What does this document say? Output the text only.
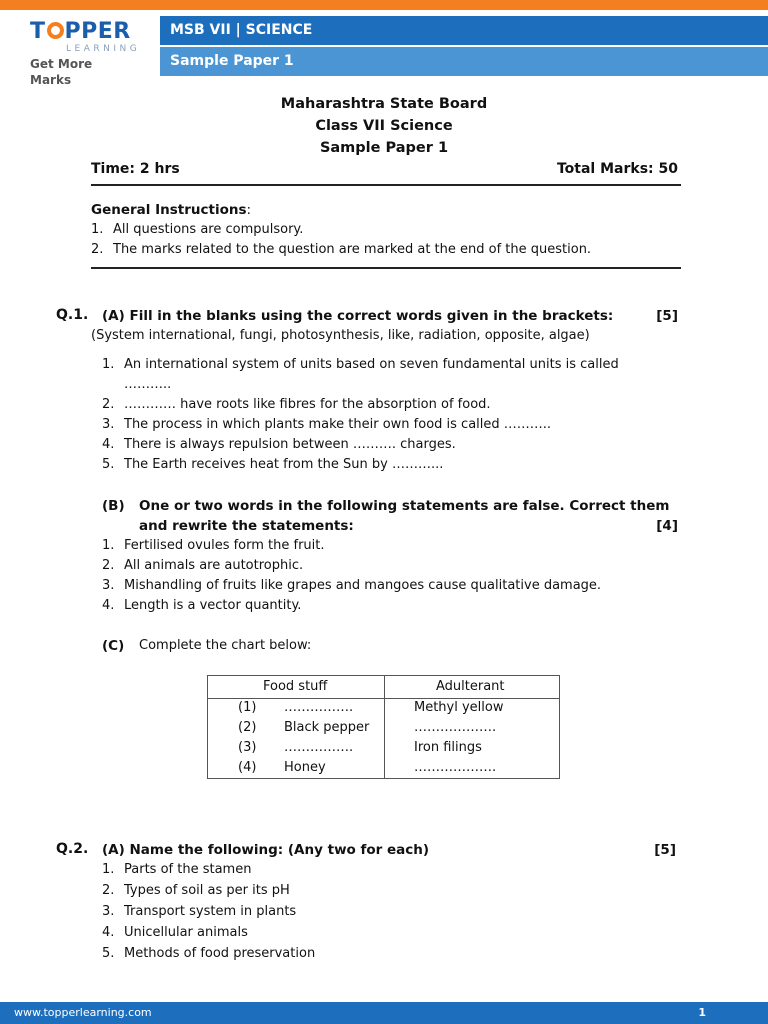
T PPER
LEARNING
Get More Marks
MSB VII | SCIENCE
Sample Paper 1
Maharashtra State Board
Class VII Science
Sample Paper 1
Time: 2 hrs	Total Marks: 50
General Instructions:
1. All questions are compulsory.
2. The marks related to the question are marked at the end of the question.
Q.1. (A) Fill in the blanks using the correct words given in the brackets:	[5]
(System international, fungi, photosynthesis, like, radiation, opposite, algae)
1. An international system of units based on seven fundamental units is called
………..
2. ………… have roots like fibres for the absorption of food.
3. The process in which plants make their own food is called ………..
4. There is always repulsion between ………. charges.
5. The Earth receives heat from the Sun by ………...
(B) One or two words in the following statements are false. Correct them
and rewrite the statements:	[4]
1. Fertilised ovules form the fruit.
2. All animals are autotrophic.
3. Mishandling of fruits like grapes and mangoes cause qualitative damage.
4. Length is a vector quantity.
(C) Complete the chart below:
Food stuff	Adulterant
(1) …………….	Methyl yellow
(2) Black pepper	……………….
(3) …………….	Iron filings
(4) Honey	……………….
Q.2. (A) Name the following: (Any two for each)	[5]
1. Parts of the stamen
2. Types of soil as per its pH
3. Transport system in plants
4. Unicellular animals
5. Methods of food preservation
www.topperlearning.com	1
